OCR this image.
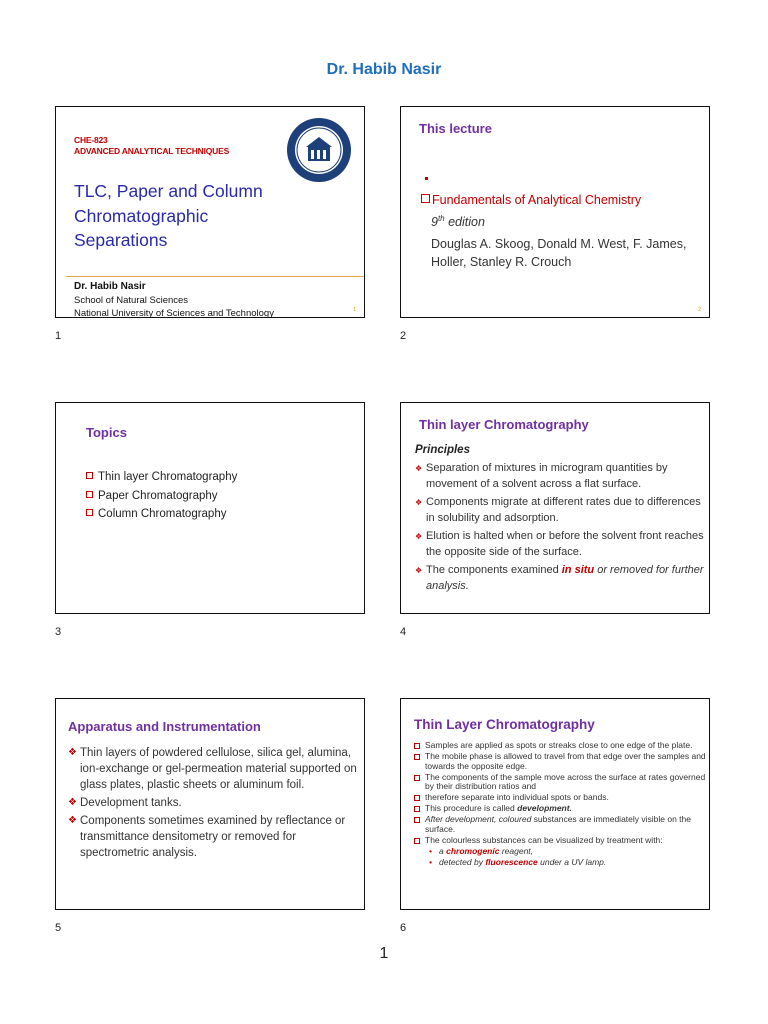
Dr. Habib Nasir
CHE-823
ADVANCED ANALYTICAL TECHNIQUES
TLC, Paper and Column Chromatographic Separations
Dr. Habib Nasir
School of Natural Sciences
National University of Sciences and Technology	1
1
This lecture
Fundamentals of Analytical Chemistry
9th edition
Douglas A. Skoog, Donald M. West, F. James, Holler, Stanley R. Crouch
2
2
Topics
Thin layer Chromatography
Paper Chromatography
Column Chromatography
3
Thin layer Chromatography
Principles
❖ Separation of mixtures in microgram quantities by movement of a solvent across a flat surface.
❖ Components migrate at different rates due to differences in solubility and adsorption.
❖ Elution is halted when or before the solvent front reaches the opposite side of the surface.
❖ The components examined in situ or removed for further analysis.
4
Apparatus and Instrumentation
❖ Thin layers of powdered cellulose, silica gel, alumina, ion-exchange or gel-permeation material supported on glass plates, plastic sheets or aluminum foil.
❖ Development tanks.
❖ Components sometimes examined by reflectance or transmittance densitometry or removed for spectrometric analysis.
5
Thin Layer Chromatography
Samples are applied as spots or streaks close to one edge of the plate.
The mobile phase is allowed to travel from that edge over the samples and towards the opposite edge.
The components of the sample move across the surface at rates governed by their distribution ratios and
therefore separate into individual spots or bands.
This procedure is called development.
After development, coloured substances are immediately visible on the surface.
The colourless substances can be visualized by treatment with:
• a chromogenic reagent,
• detected by fluorescence under a UV lamp.
6
1
